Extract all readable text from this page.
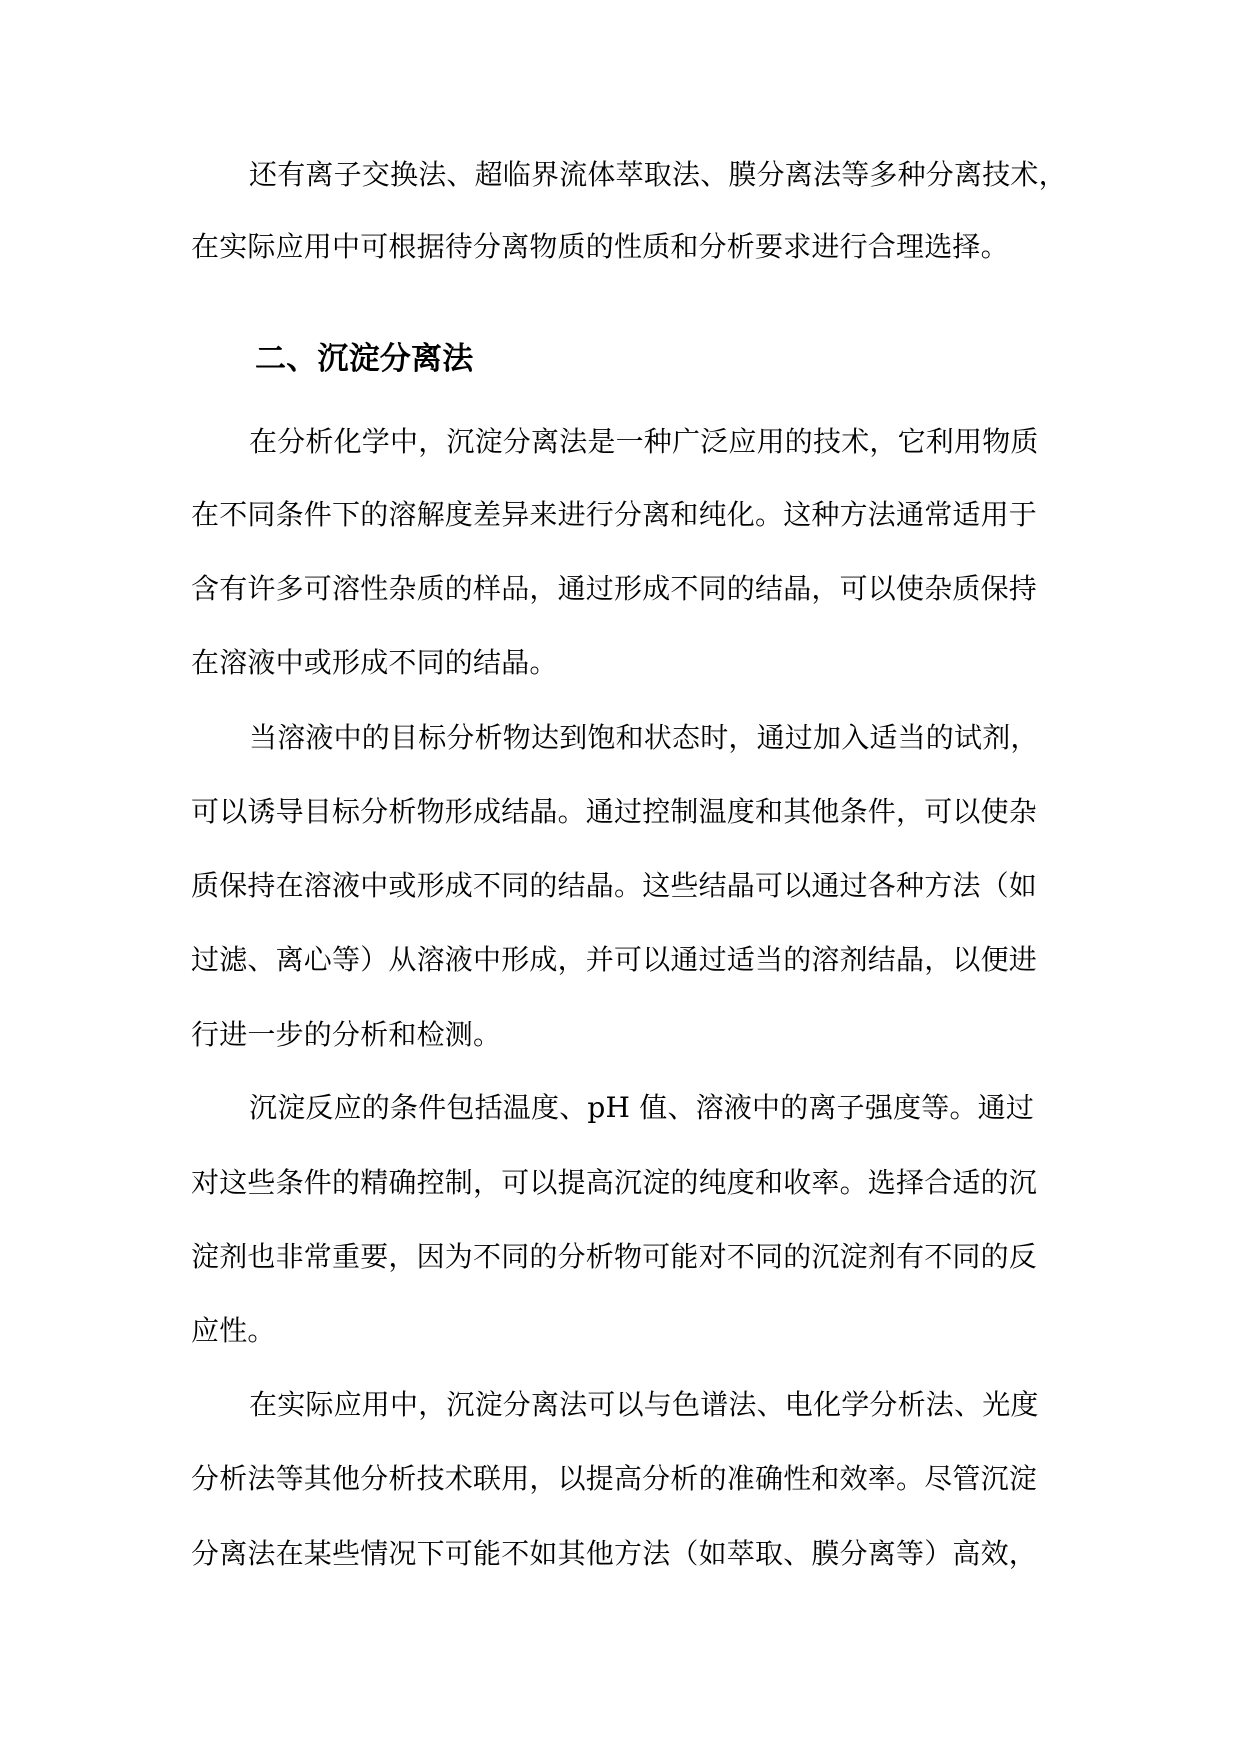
还有离子交换法、超临界流体萃取法、膜分离法等多种分离技术，
在实际应用中可根据待分离物质的性质和分析要求进行合理选择。
二、沉淀分离法
在分析化学中，沉淀分离法是一种广泛应用的技术，它利用物质
在不同条件下的溶解度差异来进行分离和纯化。这种方法通常适用于
含有许多可溶性杂质的样品，通过形成不同的结晶，可以使杂质保持
在溶液中或形成不同的结晶。
当溶液中的目标分析物达到饱和状态时，通过加入适当的试剂，
可以诱导目标分析物形成结晶。通过控制温度和其他条件，可以使杂
质保持在溶液中或形成不同的结晶。这些结晶可以通过各种方法（如
过滤、离心等）从溶液中形成，并可以通过适当的溶剂结晶，以便进
行进一步的分析和检测。
沉淀反应的条件包括温度、pH 值、溶液中的离子强度等。通过
对这些条件的精确控制，可以提高沉淀的纯度和收率。选择合适的沉
淀剂也非常重要，因为不同的分析物可能对不同的沉淀剂有不同的反
应性。
在实际应用中，沉淀分离法可以与色谱法、电化学分析法、光度
分析法等其他分析技术联用，以提高分析的准确性和效率。尽管沉淀
分离法在某些情况下可能不如其他方法（如萃取、膜分离等）高效，
